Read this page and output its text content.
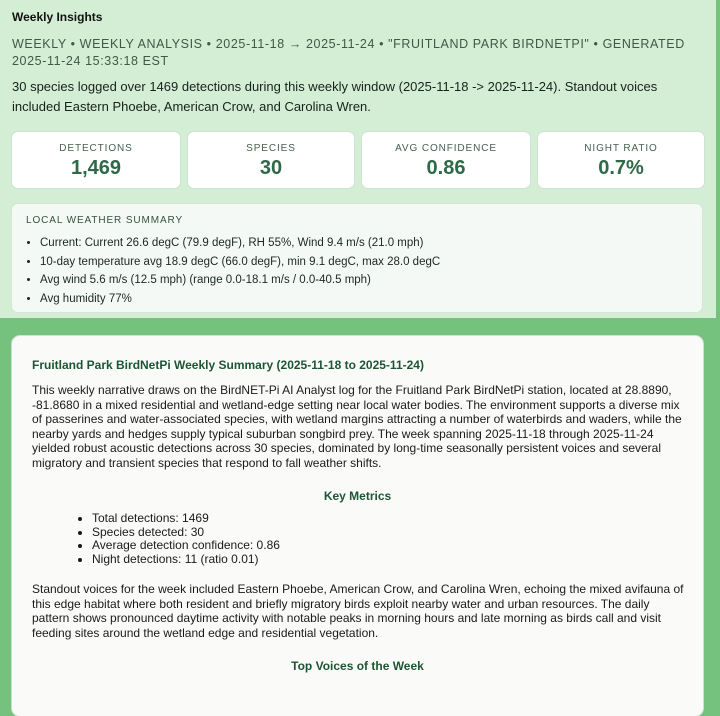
Weekly Insights
WEEKLY • WEEKLY ANALYSIS • 2025-11-18 → 2025-11-24 • "FRUITLAND PARK BIRDNETPI" • GENERATED 2025-11-24 15:33:18 EST
30 species logged over 1469 detections during this weekly window (2025-11-18 -> 2025-11-24). Standout voices included Eastern Phoebe, American Crow, and Carolina Wren.
DETECTIONS
1,469
SPECIES
30
AVG CONFIDENCE
0.86
NIGHT RATIO
0.7%
LOCAL WEATHER SUMMARY
• Current: Current 26.6 degC (79.9 degF), RH 55%, Wind 9.4 m/s (21.0 mph)
• 10-day temperature avg 18.9 degC (66.0 degF), min 9.1 degC, max 28.0 degC
• Avg wind 5.6 m/s (12.5 mph) (range 0.0-18.1 m/s / 0.0-40.5 mph)
• Avg humidity 77%
Fruitland Park BirdNetPi Weekly Summary (2025-11-18 to 2025-11-24)

This weekly narrative draws on the BirdNET-Pi AI Analyst log for the Fruitland Park BirdNetPi station, located at 28.8890, -81.8680 in a mixed residential and wetland-edge setting near local water bodies. The environment supports a diverse mix of passerines and water-associated species, with wetland margins attracting a number of waterbirds and waders, while the nearby yards and hedges supply typical suburban songbird prey. The week spanning 2025-11-18 through 2025-11-24 yielded robust acoustic detections across 30 species, dominated by long-time seasonally persistent voices and several migratory and transient species that respond to fall weather shifts.

Key Metrics
• Total detections: 1469
• Species detected: 30
• Average detection confidence: 0.86
• Night detections: 11 (ratio 0.01)

Standout voices for the week included Eastern Phoebe, American Crow, and Carolina Wren, echoing the mixed avifauna of this edge habitat where both resident and briefly migratory birds exploit nearby water and urban resources. The daily pattern shows pronounced daytime activity with notable peaks in morning hours and late morning as birds call and visit feeding sites around the wetland edge and residential vegetation.

Top Voices of the Week
